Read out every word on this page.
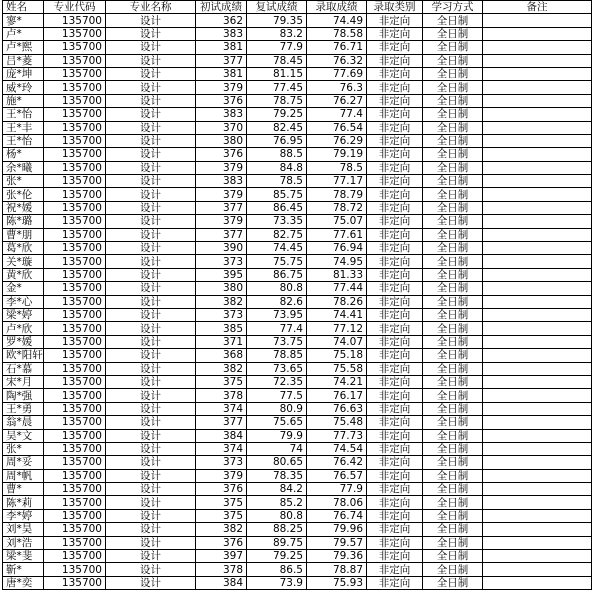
姓名	专业代码	专业名称	初试成绩	复试成绩	录取成绩	录取类别	学习方式	备注
寥*	135700	设计	362	79.35	74.49	非定向	全日制	
卢*	135700	设计	383	83.2	78.58	非定向	全日制	
卢*熙	135700	设计	381	77.9	76.71	非定向	全日制	
吕*菱	135700	设计	377	78.45	76.32	非定向	全日制	
庞*坤	135700	设计	381	81.15	77.69	非定向	全日制	
威*玲	135700	设计	379	77.45	76.3	非定向	全日制	
施*	135700	设计	376	78.75	76.27	非定向	全日制	
王*怡	135700	设计	383	79.25	77.4	非定向	全日制	
王*丰	135700	设计	370	82.45	76.54	非定向	全日制	
王*怡	135700	设计	380	76.95	76.29	非定向	全日制	
杨*	135700	设计	376	88.5	79.19	非定向	全日制	
余*曦	135700	设计	379	84.8	78.5	非定向	全日制	
张*	135700	设计	383	78.5	77.17	非定向	全日制	
张*伦	135700	设计	379	85.75	78.79	非定向	全日制	
祝*媛	135700	设计	377	86.45	78.72	非定向	全日制	
陈*璐	135700	设计	379	73.35	75.07	非定向	全日制	
曹*朋	135700	设计	377	82.75	77.61	非定向	全日制	
葛*欣	135700	设计	390	74.45	76.94	非定向	全日制	
关*璇	135700	设计	373	75.75	74.95	非定向	全日制	
黄*欣	135700	设计	395	86.75	81.33	非定向	全日制	
金*	135700	设计	380	80.8	77.44	非定向	全日制	
李*心	135700	设计	382	82.6	78.26	非定向	全日制	
梁*婷	135700	设计	373	73.95	74.41	非定向	全日制	
卢*欣	135700	设计	385	77.4	77.12	非定向	全日制	
罗*媛	135700	设计	371	73.75	74.07	非定向	全日制	
欧*阳轩	135700	设计	368	78.85	75.18	非定向	全日制	
石*慕	135700	设计	382	73.65	75.58	非定向	全日制	
宋*月	135700	设计	375	72.35	74.21	非定向	全日制	
陶*强	135700	设计	378	77.5	76.17	非定向	全日制	
王*勇	135700	设计	374	80.9	76.63	非定向	全日制	
翁*晨	135700	设计	377	75.65	75.48	非定向	全日制	
吴*文	135700	设计	384	79.9	77.73	非定向	全日制	
张*	135700	设计	374	74	74.54	非定向	全日制	
周*妥	135700	设计	373	80.65	76.42	非定向	全日制	
周*帆	135700	设计	379	78.35	76.57	非定向	全日制	
曹*	135700	设计	376	84.2	77.9	非定向	全日制	
陈*莉	135700	设计	375	85.2	78.06	非定向	全日制	
李*婷	135700	设计	375	80.8	76.74	非定向	全日制	
刘*昊	135700	设计	382	88.25	79.96	非定向	全日制	
刘*浩	135700	设计	376	89.75	79.57	非定向	全日制	
梁*斐	135700	设计	397	79.25	79.36	非定向	全日制	
靳*	135700	设计	378	86.5	78.87	非定向	全日制	
唐*奕	135700	设计	384	73.9	75.93	非定向	全日制	
